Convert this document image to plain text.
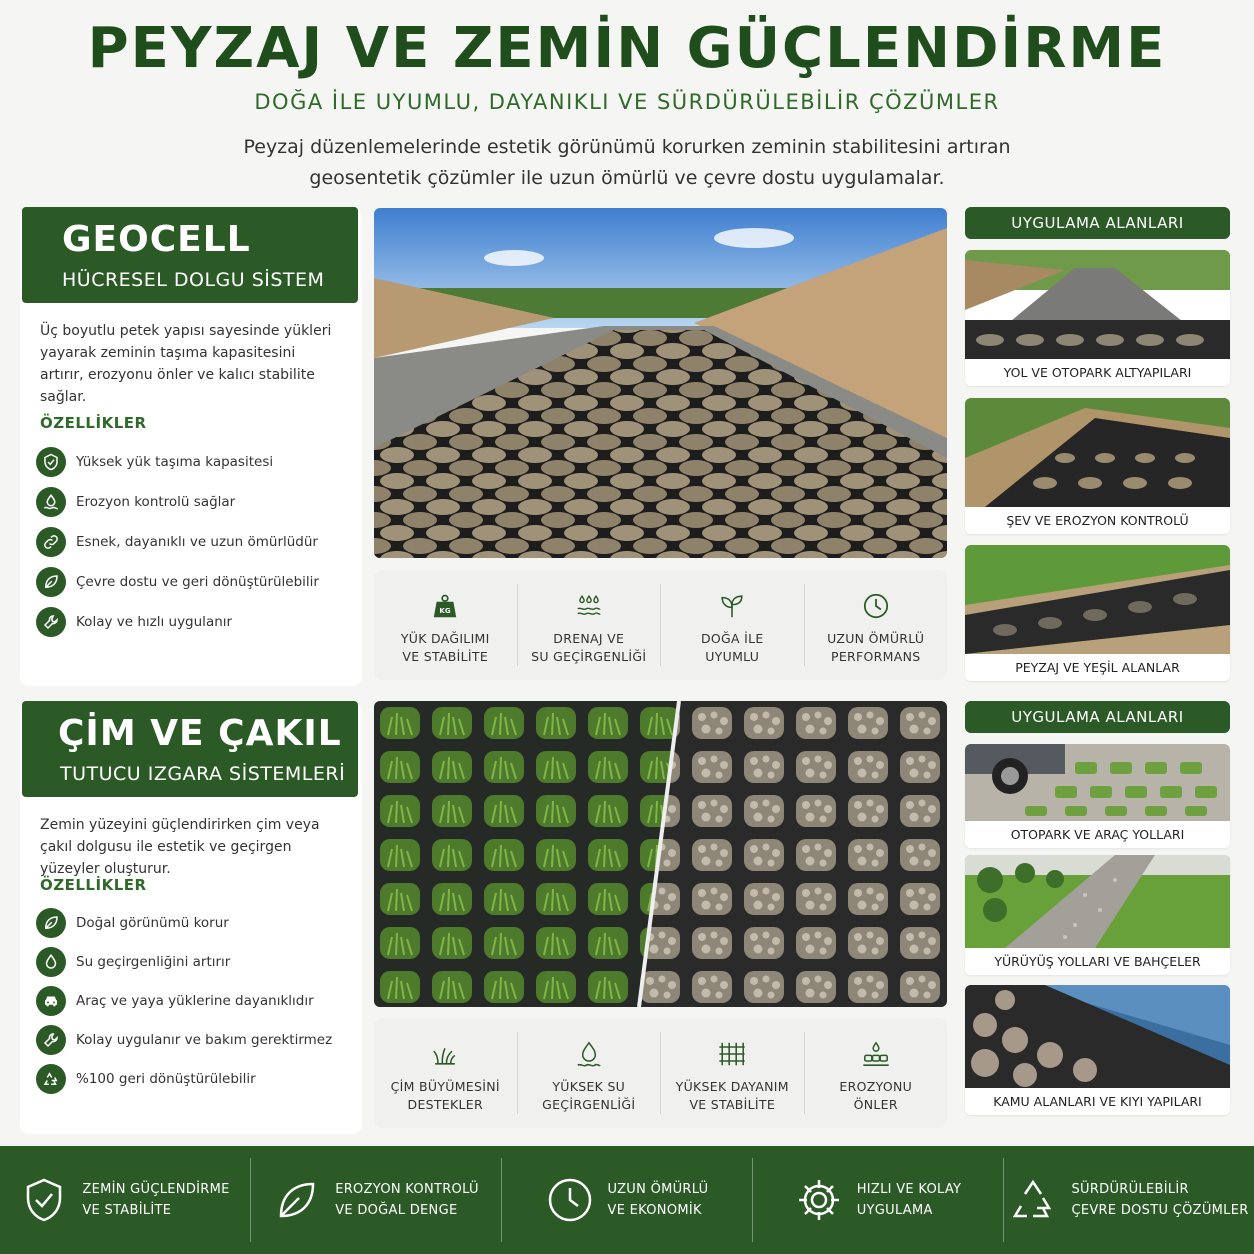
PEYZAJ VE ZEMİN GÜÇLENDİRME
DOĞA İLE UYUMLU, DAYANIKLI VE SÜRDÜRÜLEBİLİR ÇÖZÜMLER
Peyzaj düzenlemelerinde estetik görünümü korurken zeminin stabilitesini artıran
geosentetik çözümler ile uzun ömürlü ve çevre dostu uygulamalar.
GEOCELL
HÜCRESEL DOLGU SİSTEM
Üç boyutlu petek yapısı sayesinde yükleri yayarak zeminin taşıma kapasitesini artırır, erozyonu önler ve kalıcı stabilite sağlar.
ÖZELLİKLER
Yüksek yük taşıma kapasitesi
Erozyon kontrolü sağlar
Esnek, dayanıklı ve uzun ömürlüdür
Çevre dostu ve geri dönüştürülebilir
Kolay ve hızlı uygulanır
KG
YÜK DAĞILIMI
VE STABİLİTE
DRENAJ VE
SU GEÇİRGENLİĞİ
DOĞA İLE
UYUMLU
UZUN ÖMÜRLÜ
PERFORMANS
UYGULAMA ALANLARI
YOL VE OTOPARK ALTYAPILARI
ŞEV VE EROZYON KONTROLÜ
PEYZAJ VE YEŞİL ALANLAR
ÇİM VE ÇAKIL
TUTUCU IZGARA SİSTEMLERİ
Zemin yüzeyini güçlendirirken çim veya çakıl dolgusu ile estetik ve geçirgen yüzeyler oluşturur.
ÖZELLİKLER
Doğal görünümü korur
Su geçirgenliğini artırır
Araç ve yaya yüklerine dayanıklıdır
Kolay uygulanır ve bakım gerektirmez
%100 geri dönüştürülebilir	ÇİM BÜYÜMESİNİ
DESTEKLER
YÜKSEK SU
GEÇİRGENLİĞİ
YÜKSEK DAYANIM
VE STABİLİTE
EROZYONU
ÖNLER
UYGULAMA ALANLARI
OTOPARK VE ARAÇ YOLLARI
YÜRÜYÜŞ YOLLARI VE BAHÇELER
KAMU ALANLARI VE KIYI YAPILARI
ZEMİN GÜÇLENDİRME
VE STABİLİTE
EROZYON KONTROLÜ
VE DOĞAL DENGE
UZUN ÖMÜRLÜ
VE EKONOMİK
HIZLI VE KOLAY
UYGULAMA
SÜRDÜRÜLEBİLİR
ÇEVRE DOSTU ÇÖZÜMLER
